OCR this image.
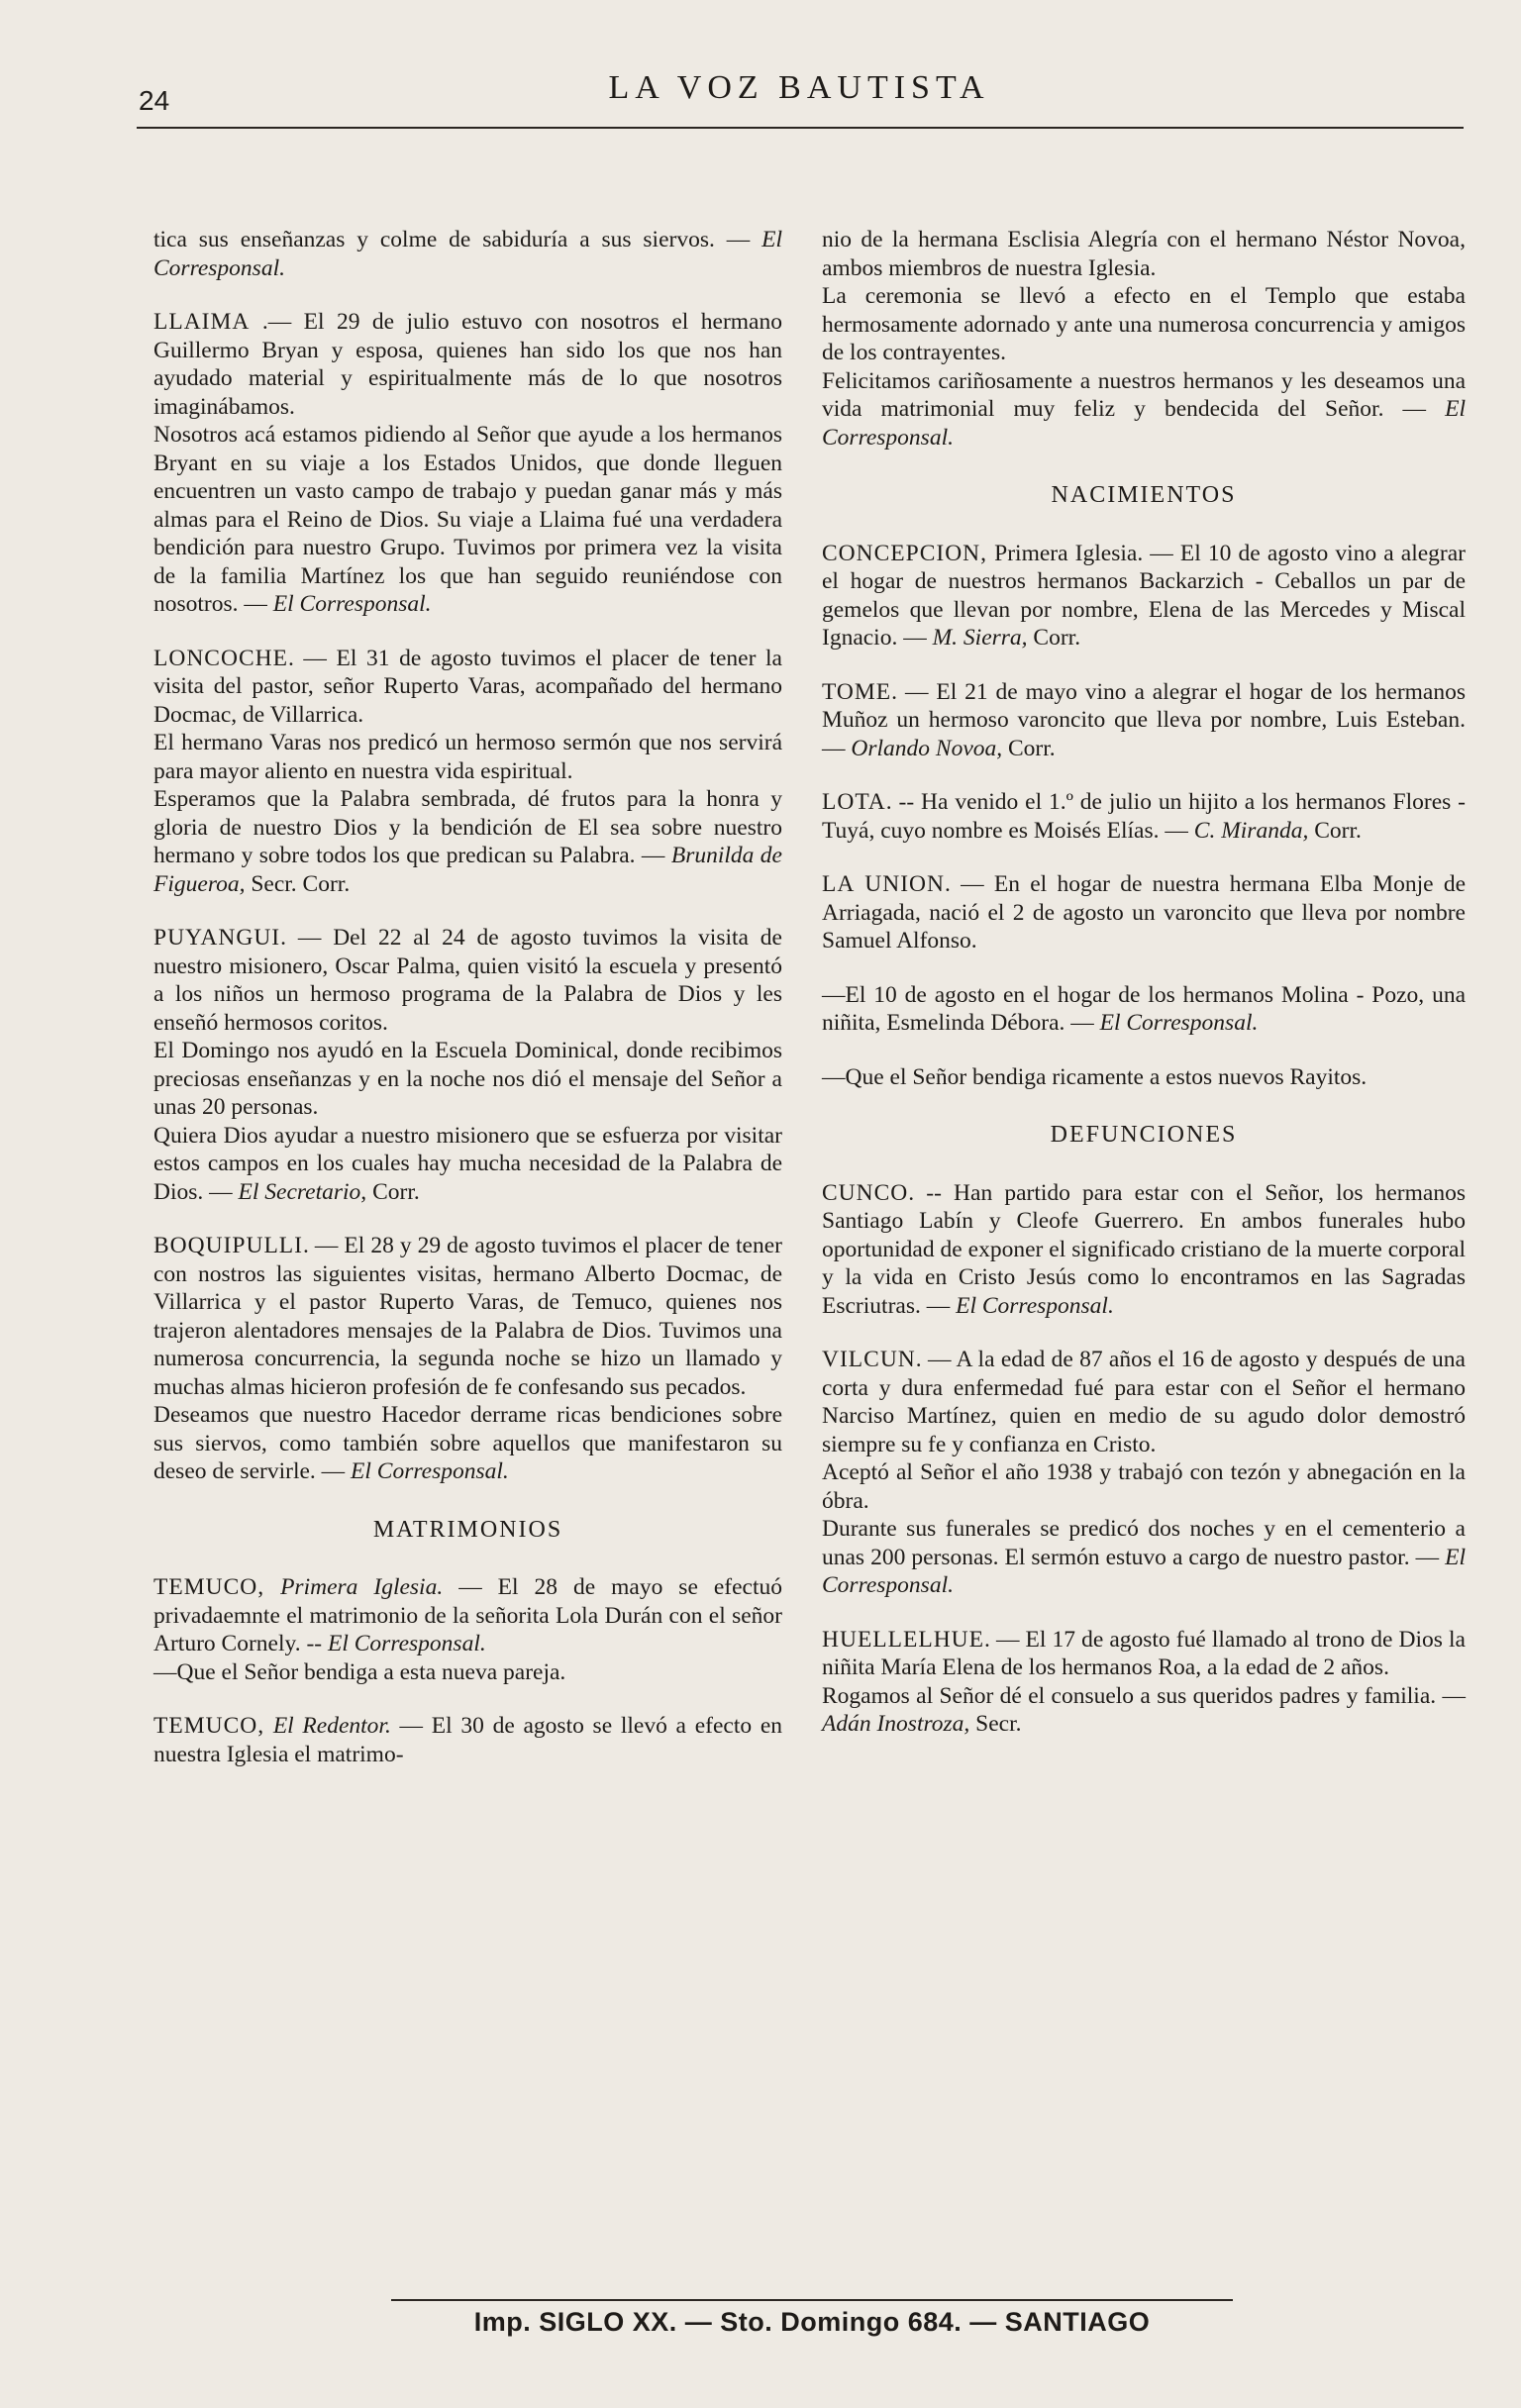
24	LA VOZ BAUTISTA

tica sus enseñanzas y colme de sabiduría a sus siervos. — El Corresponsal.

LLAIMA .— El 29 de julio estuvo con nosotros el hermano Guillermo Bryan y esposa, quienes han sido los que nos han ayudado material y espiritualmente más de lo que nosotros imaginábamos.

Nosotros acá estamos pidiendo al Señor que ayude a los hermanos Bryant en su viaje a los Estados Unidos, que donde lleguen encuentren un vasto campo de trabajo y puedan ganar más y más almas para el Reino de Dios. Su viaje a Llaima fué una verdadera bendición para nuestro Grupo. Tuvimos por primera vez la visita de la familia Martínez los que han seguido reuniéndose con nosotros. — El Corresponsal.

LONCOCHE. — El 31 de agosto tuvimos el placer de tener la visita del pastor, señor Ruperto Varas, acompañado del hermano Docmac, de Villarrica.

El hermano Varas nos predicó un hermoso sermón que nos servirá para mayor aliento en nuestra vida espiritual.

Esperamos que la Palabra sembrada, dé frutos para la honra y gloria de nuestro Dios y la bendición de El sea sobre nuestro hermano y sobre todos los que predican su Palabra. — Brunilda de Figueroa, Secr. Corr.

PUYANGUI. — Del 22 al 24 de agosto tuvimos la visita de nuestro misionero, Oscar Palma, quien visitó la escuela y presentó a los niños un hermoso programa de la Palabra de Dios y les enseñó hermosos coritos.

El Domingo nos ayudó en la Escuela Dominical, donde recibimos preciosas enseñanzas y en la noche nos dió el mensaje del Señor a unas 20 personas.

Quiera Dios ayudar a nuestro misionero que se esfuerza por visitar estos campos en los cuales hay mucha necesidad de la Palabra de Dios. — El Secretario, Corr.

BOQUIPULLI. — El 28 y 29 de agosto tuvimos el placer de tener con nostros las siguientes visitas, hermano Alberto Docmac, de Villarrica y el pastor Ruperto Varas, de Temuco, quienes nos trajeron alentadores mensajes de la Palabra de Dios. Tuvimos una numerosa concurrencia, la segunda noche se hizo un llamado y muchas almas hicieron profesión de fe confesando sus pecados.

Deseamos que nuestro Hacedor derrame ricas bendiciones sobre sus siervos, como también sobre aquellos que manifestaron su deseo de servirle. — El Corresponsal.

MATRIMONIOS

TEMUCO, Primera Iglesia. — El 28 de mayo se efectuó privadaemnte el matrimonio de la señorita Lola Durán con el señor Arturo Cornely. -- El Corresponsal.

—Que el Señor bendiga a esta nueva pareja.

TEMUCO, El Redentor. — El 30 de agosto se llevó a efecto en nuestra Iglesia el matrimo-

nio de la hermana Esclisia Alegría con el hermano Néstor Novoa, ambos miembros de nuestra Iglesia.

La ceremonia se llevó a efecto en el Templo que estaba hermosamente adornado y ante una numerosa concurrencia y amigos de los contrayentes.

Felicitamos cariñosamente a nuestros hermanos y les deseamos una vida matrimonial muy feliz y bendecida del Señor. — El Corresponsal.

NACIMIENTOS

CONCEPCION, Primera Iglesia. — El 10 de agosto vino a alegrar el hogar de nuestros hermanos Backarzich - Ceballos un par de gemelos que llevan por nombre, Elena de las Mercedes y Miscal Ignacio. — M. Sierra, Corr.

TOME. — El 21 de mayo vino a alegrar el hogar de los hermanos Muñoz un hermoso varoncito que lleva por nombre, Luis Esteban. — Orlando Novoa, Corr.

LOTA. -- Ha venido el 1.º de julio un hijito a los hermanos Flores - Tuyá, cuyo nombre es Moisés Elías. — C. Miranda, Corr.

LA UNION. — En el hogar de nuestra hermana Elba Monje de Arriagada, nació el 2 de agosto un varoncito que lleva por nombre Samuel Alfonso.

—El 10 de agosto en el hogar de los hermanos Molina - Pozo, una niñita, Esmelinda Débora. — El Corresponsal.

—Que el Señor bendiga ricamente a estos nuevos Rayitos.

DEFUNCIONES

CUNCO. -- Han partido para estar con el Señor, los hermanos Santiago Labín y Cleofe Guerrero. En ambos funerales hubo oportunidad de exponer el significado cristiano de la muerte corporal y la vida en Cristo Jesús como lo encontramos en las Sagradas Escriutras. — El Corresponsal.

VILCUN. — A la edad de 87 años el 16 de agosto y después de una corta y dura enfermedad fué para estar con el Señor el hermano Narciso Martínez, quien en medio de su agudo dolor demostró siempre su fe y confianza en Cristo.

Aceptó al Señor el año 1938 y trabajó con tezón y abnegación en la óbra.

Durante sus funerales se predicó dos noches y en el cementerio a unas 200 personas. El sermón estuvo a cargo de nuestro pastor. — El Corresponsal.

HUELLELHUE. — El 17 de agosto fué llamado al trono de Dios la niñita María Elena de los hermanos Roa, a la edad de 2 años.

Rogamos al Señor dé el consuelo a sus queridos padres y familia. — Adán Inostroza, Secr.

Imp. SIGLO XX. — Sto. Domingo 684. — SANTIAGO
